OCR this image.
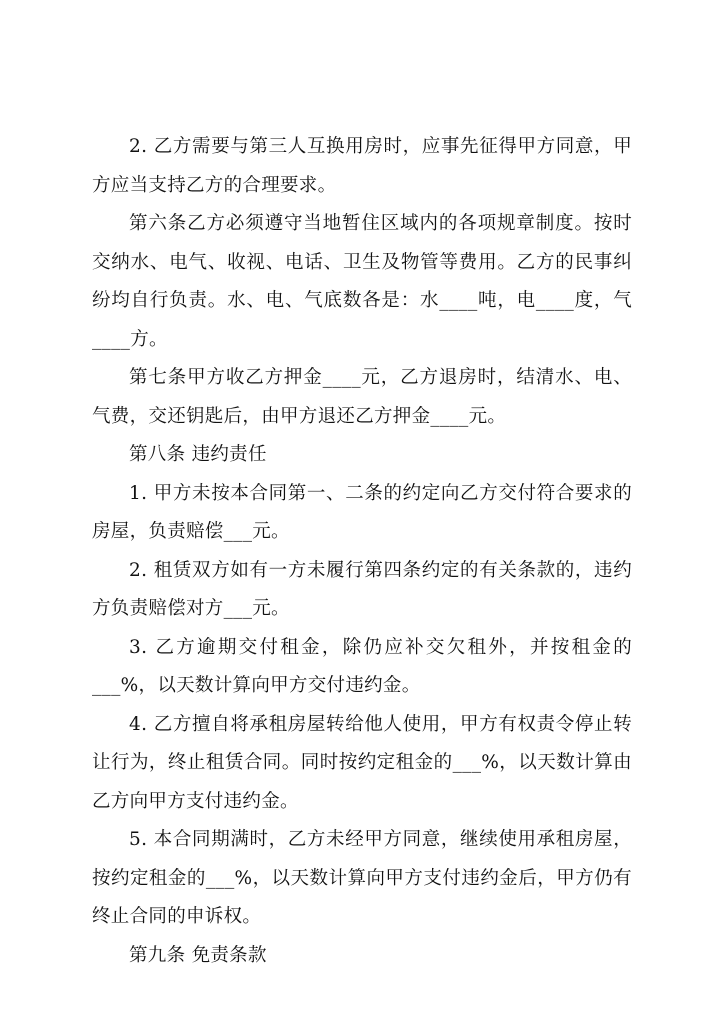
2. 乙方需要与第三人互换用房时，应事先征得甲方同意，甲方应当支持乙方的合理要求。

第六条乙方必须遵守当地暂住区域内的各项规章制度。按时交纳水、电气、收视、电话、卫生及物管等费用。乙方的民事纠纷均自行负责。水、电、气底数各是：水____吨，电____度，气____方。

第七条甲方收乙方押金____元，乙方退房时，结清水、电、气费，交还钥匙后，由甲方退还乙方押金____元。

第八条 违约责任

1. 甲方未按本合同第一、二条的约定向乙方交付符合要求的房屋，负责赔偿___元。

2. 租赁双方如有一方未履行第四条约定的有关条款的，违约方负责赔偿对方___元。

3. 乙方逾期交付租金，除仍应补交欠租外，并按租金的___%，以天数计算向甲方交付违约金。

4. 乙方擅自将承租房屋转给他人使用，甲方有权责令停止转让行为，终止租赁合同。同时按约定租金的___%，以天数计算由乙方向甲方支付违约金。

5. 本合同期满时，乙方未经甲方同意，继续使用承租房屋，按约定租金的___%，以天数计算向甲方支付违约金后，甲方仍有终止合同的申诉权。

第九条 免责条款
